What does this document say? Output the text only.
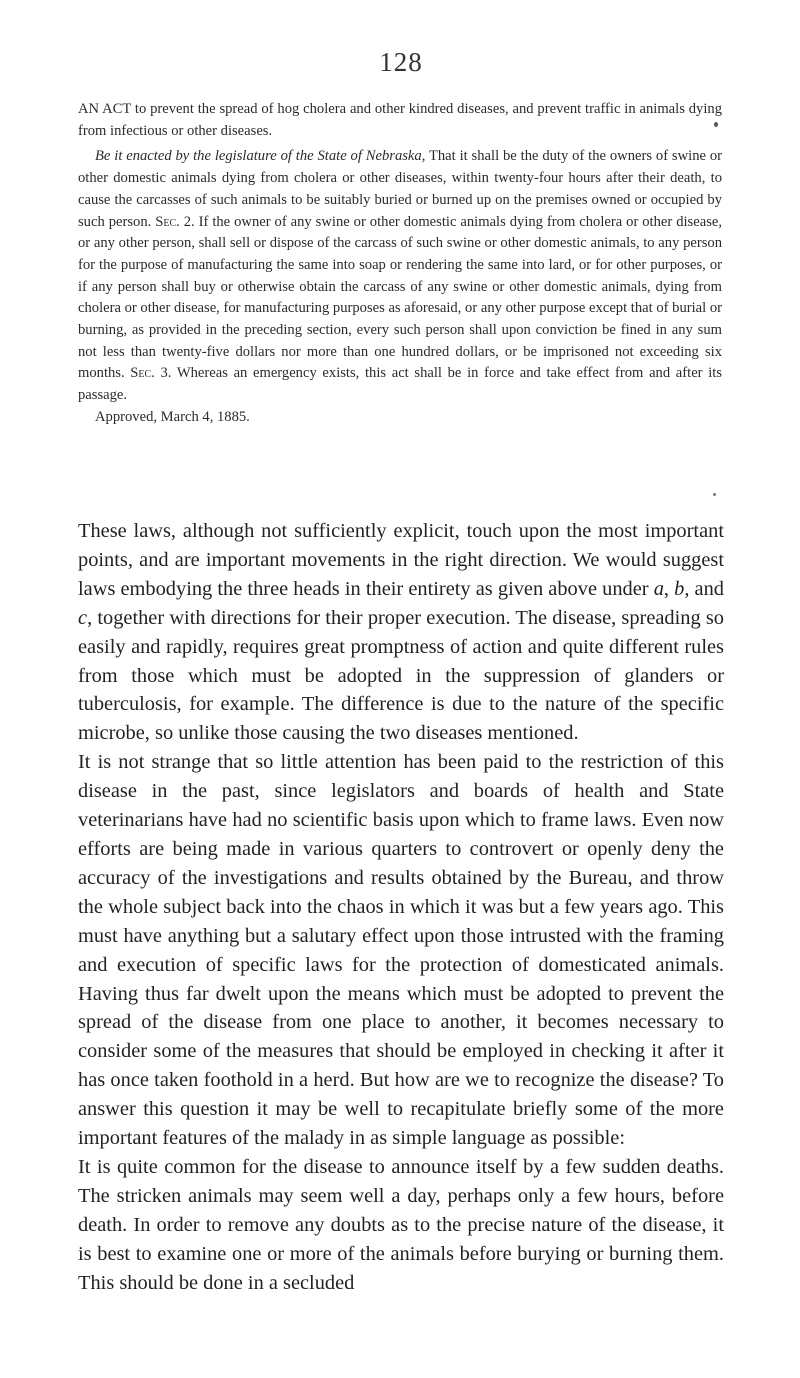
128

AN ACT to prevent the spread of hog cholera and other kindred diseases, and prevent traffic in animals dying from infectious or other diseases.

Be it enacted by the legislature of the State of Nebraska, That it shall be the duty of the owners of swine or other domestic animals dying from cholera or other diseases, within twenty-four hours after their death, to cause the carcasses of such animals to be suitably buried or burned up on the premises owned or occupied by such person. Sec. 2. If the owner of any swine or other domestic animals dying from cholera or other disease, or any other person, shall sell or dispose of the carcass of such swine or other domestic animals, to any person for the purpose of manufacturing the same into soap or rendering the same into lard, or for other purposes, or if any person shall buy or otherwise obtain the carcass of any swine or other domestic animals, dying from cholera or other disease, for manufacturing purposes as aforesaid, or any other purpose except that of burial or burning, as provided in the preceding section, every such person shall upon conviction be fined in any sum not less than twenty-five dollars nor more than one hundred dollars, or be imprisoned not exceeding six months. Sec. 3. Whereas an emergency exists, this act shall be in force and take effect from and after its passage.

Approved, March 4, 1885.

These laws, although not sufficiently explicit, touch upon the most important points, and are important movements in the right direction. We would suggest laws embodying the three heads in their entirety as given above under a, b, and c, together with directions for their proper execution. The disease, spreading so easily and rapidly, requires great promptness of action and quite different rules from those which must be adopted in the suppression of glanders or tuberculosis, for example. The difference is due to the nature of the specific microbe, so unlike those causing the two diseases mentioned.

It is not strange that so little attention has been paid to the restriction of this disease in the past, since legislators and boards of health and State veterinarians have had no scientific basis upon which to frame laws. Even now efforts are being made in various quarters to controvert or openly deny the accuracy of the investigations and results obtained by the Bureau, and throw the whole subject back into the chaos in which it was but a few years ago. This must have anything but a salutary effect upon those intrusted with the framing and execution of specific laws for the protection of domesticated animals. Having thus far dwelt upon the means which must be adopted to prevent the spread of the disease from one place to another, it becomes necessary to consider some of the measures that should be employed in checking it after it has once taken foothold in a herd. But how are we to recognize the disease? To answer this question it may be well to recapitulate briefly some of the more important features of the malady in as simple language as possible:

It is quite common for the disease to announce itself by a few sudden deaths. The stricken animals may seem well a day, perhaps only a few hours, before death. In order to remove any doubts as to the precise nature of the disease, it is best to examine one or more of the animals before burying or burning them. This should be done in a secluded
